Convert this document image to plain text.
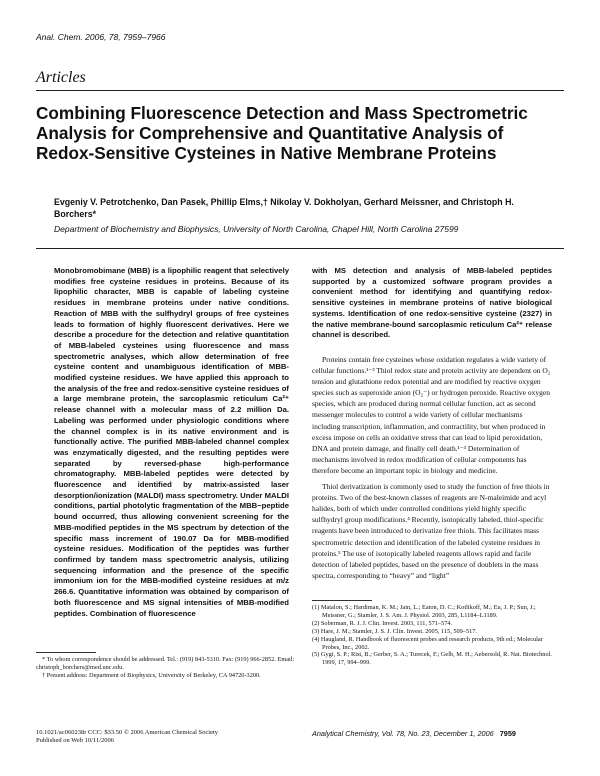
Anal. Chem. 2006, 78, 7959–7966
Articles
Combining Fluorescence Detection and Mass Spectrometric Analysis for Comprehensive and Quantitative Analysis of Redox-Sensitive Cysteines in Native Membrane Proteins
Evgeniy V. Petrotchenko, Dan Pasek, Phillip Elms,† Nikolay V. Dokholyan, Gerhard Meissner, and Christoph H. Borchers*
Department of Biochemistry and Biophysics, University of North Carolina, Chapel Hill, North Carolina 27599
Monobromobimane (MBB) is a lipophilic reagent that selectively modifies free cysteine residues in proteins. Because of its lipophilic character, MBB is capable of labeling cysteine residues in membrane proteins under native conditions. Reaction of MBB with the sulfhydryl groups of free cysteines leads to formation of highly fluorescent derivatives. Here we describe a procedure for the detection and relative quantitation of MBB-labeled cysteines using fluorescence and mass spectrometric analyses, which allow determination of free cysteine content and unambiguous identification of MBB-modified cysteine residues. We have applied this approach to the analysis of the free and redox-sensitive cysteine residues of a large membrane protein, the sarcoplasmic reticulum Ca²⁺ release channel with a molecular mass of 2.2 million Da. Labeling was performed under physiologic conditions where the channel complex is in its native environment and is functionally active. The purified MBB-labeled channel complex was enzymatically digested, and the resulting peptides were separated by reversed-phase high-performance chromatography. MBB-labeled peptides were detected by fluorescence and identified by matrix-assisted laser desorption/ionization (MALDI) mass spectrometry. Under MALDI conditions, partial photolytic fragmentation of the MBB−peptide bound occurred, thus allowing convenient screening for the MBB-modified peptides in the MS spectrum by detection of the specific mass increment of 190.07 Da for MBB-modified cysteine residues. Modification of the peptides was further confirmed by tandem mass spectrometric analysis, utilizing sequencing information and the presence of the specific immonium ion for the MBB-modified cysteine residues at m/z 266.6. Quantitative information was obtained by comparison of both fluorescence and MS signal intensities of MBB-modified peptides. Combination of fluorescence
with MS detection and analysis of MBB-labeled peptides supported by a customized software program provides a convenient method for identifying and quantifying redox-sensitive cysteines in membrane proteins of native biological systems. Identification of one redox-sensitive cysteine (2327) in the native membrane-bound sarcoplasmic reticulum Ca²⁺ release channel is described.

Proteins contain free cysteines whose oxidation regulates a wide variety of cellular functions.¹⁻³ Thiol redox state and protein activity are dependent on O₂ tension and glutathione redox potential and are modified by reactive oxygen species such as superoxide anion (O₂⁻) or hydrogen peroxide. Reactive oxygen species, which are produced during normal cellular function, act as second messenger molecules to control a wide variety of cellular mechanisms including transcription, inflammation, and contractility, but when produced in excess impose on cells an oxidative stress that can lead to lipid peroxidation, DNA and protein damage, and finally cell death.¹⁻³ Determination of mechanisms involved in redox modification of cellular components has therefore become an important topic in biology and medicine.

Thiol derivatization is commonly used to study the function of free thiols in proteins. Two of the best-known classes of reagents are N-maleimide and acyl halides, both of which under controlled conditions yield highly specific sulfhydryl group modifications.⁴ Recently, isotopically labeled, thiol-specific reagents have been introduced to derivatize free thiols. This facilitates mass spectrometric detection and identification of the labeled cysteine residues in proteins.⁵ The use of isotopically labeled reagents allows rapid and facile detection of labeled peptides, based on the presence of doublets in the mass spectra, corresponding to “heavy” and “light”

(1) Matalon, S.; Hardiman, K. M.; Jain, L.; Eaton, D. C.; Kotlikoff, M.; Eu, J. P.; Sun, J.; Meissner, G.; Stamler, J. S. Am. J. Physiol. 2003, 285, L1184–L1189.
(2) Soberman, R. J. J. Clin. Invest. 2003, 111, 571–574.
(3) Hare, J. M.; Stamler, J. S. J. Clin. Invest. 2005, 115, 509–517.
(4) Haugland, R. Handbook of fluorescent probes and research products, 9th ed.; Molecular Probes, Inc., 2002.
(5) Gygi, S. P.; Rist, B.; Gerber, S. A.; Turecek, F.; Gelb, M. H.; Aebersold, R. Nat. Biotechnol. 1999, 17, 994–999.
* To whom correspondence should be addressed. Tel.: (919) 843-5310. Fax: (919) 966-2852. Email: christoph_borchers@med.unc.edu.
† Present address: Department of Biophysics, University of Berkeley, CA 94720-3200.
10.1021/ac060238r CCC: $33.50 © 2006 American Chemical Society
Published on Web 10/11/2006
Analytical Chemistry, Vol. 78, No. 23, December 1, 2006 7959
